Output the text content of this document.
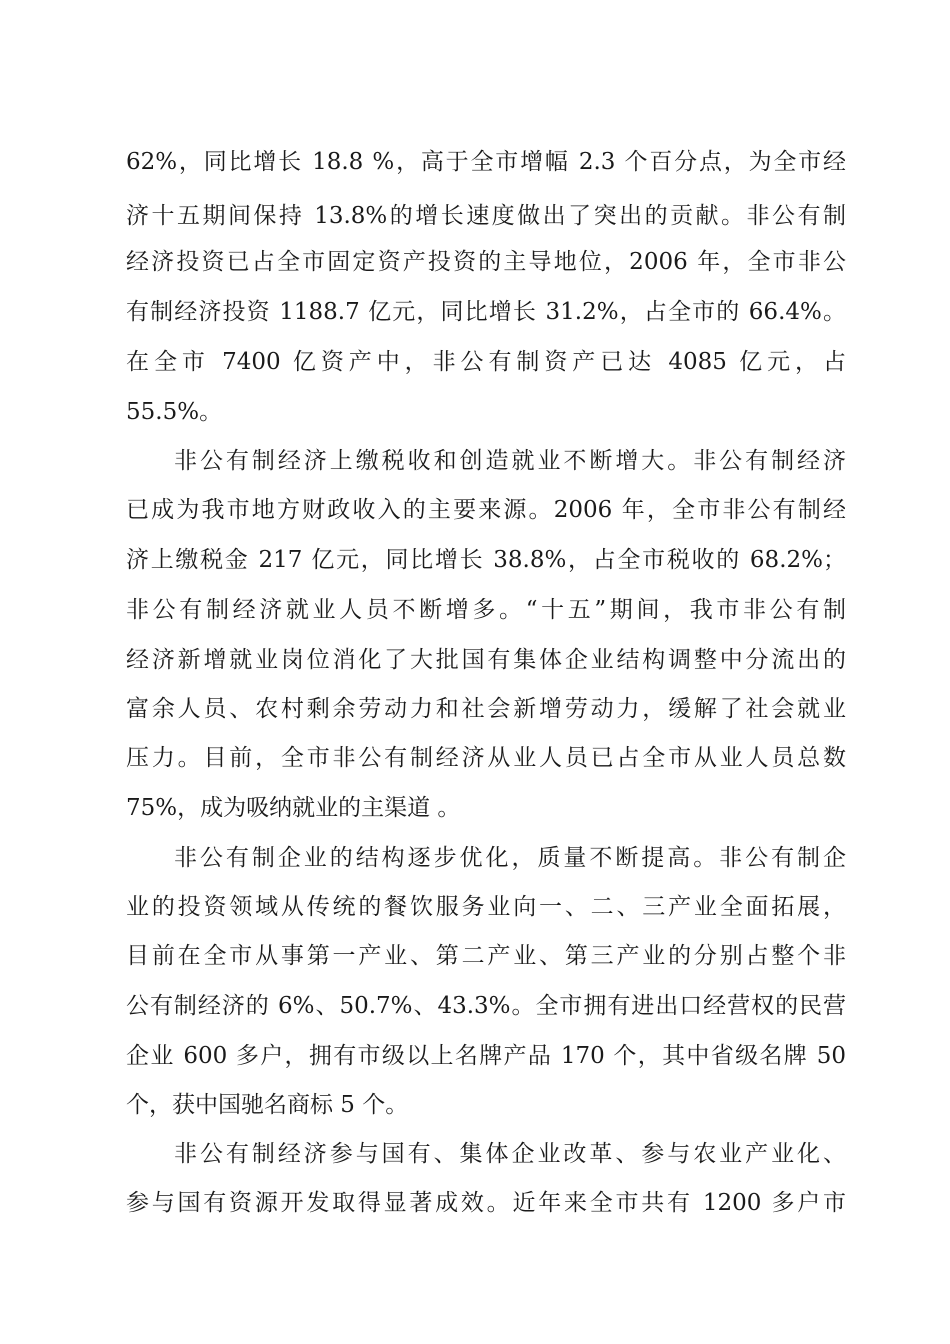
62%，同比增长 18.8 %，高于全市增幅 2.3 个百分点，为全市经
济十五期间保持 13.8%的增长速度做出了突出的贡献。非公有制
经济投资已占全市固定资产投资的主导地位，2006 年，全市非公
有制经济投资 1188.7 亿元，同比增长 31.2%，占全市的 66.4%。
在全市 7400 亿资产中，非公有制资产已达 4085 亿元，占
55.5%。
非公有制经济上缴税收和创造就业不断增大。非公有制经济
已成为我市地方财政收入的主要来源。2006 年，全市非公有制经
济上缴税金 217 亿元，同比增长 38.8%，占全市税收的 68.2%；
非公有制经济就业人员不断增多。“十五”期间，我市非公有制
经济新增就业岗位消化了大批国有集体企业结构调整中分流出的
富余人员、农村剩余劳动力和社会新增劳动力，缓解了社会就业
压力。目前，全市非公有制经济从业人员已占全市从业人员总数
75%，成为吸纳就业的主渠道 。
非公有制企业的结构逐步优化，质量不断提高。非公有制企
业的投资领域从传统的餐饮服务业向一、二、三产业全面拓展，
目前在全市从事第一产业、第二产业、第三产业的分别占整个非
公有制经济的 6%、50.7%、43.3%。全市拥有进出口经营权的民营
企业 600 多户，拥有市级以上名牌产品 170 个，其中省级名牌 50
个，获中国驰名商标 5 个。
非公有制经济参与国有、集体企业改革、参与农业产业化、
参与国有资源开发取得显著成效。近年来全市共有 1200 多户市
